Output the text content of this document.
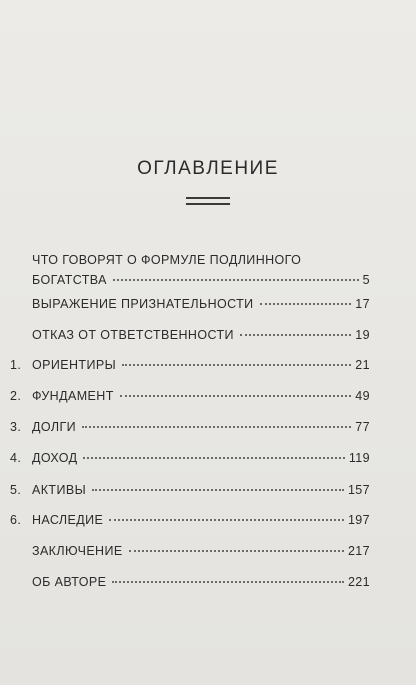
ОГЛАВЛЕНИЕ
ЧТО ГОВОРЯТ О ФОРМУЛЕ ПОДЛИННОГО
БОГАТСТВА	5
ВЫРАЖЕНИЕ ПРИЗНАТЕЛЬНОСТИ	17
ОТКАЗ ОТ ОТВЕТСТВЕННОСТИ	19
1. ОРИЕНТИРЫ	21
2. ФУНДАМЕНТ	49
3. ДОЛГИ	77
4. ДОХОД	119
5. АКТИВЫ	157
6. НАСЛЕДИЕ	197
ЗАКЛЮЧЕНИЕ	217
ОБ АВТОРЕ	221
